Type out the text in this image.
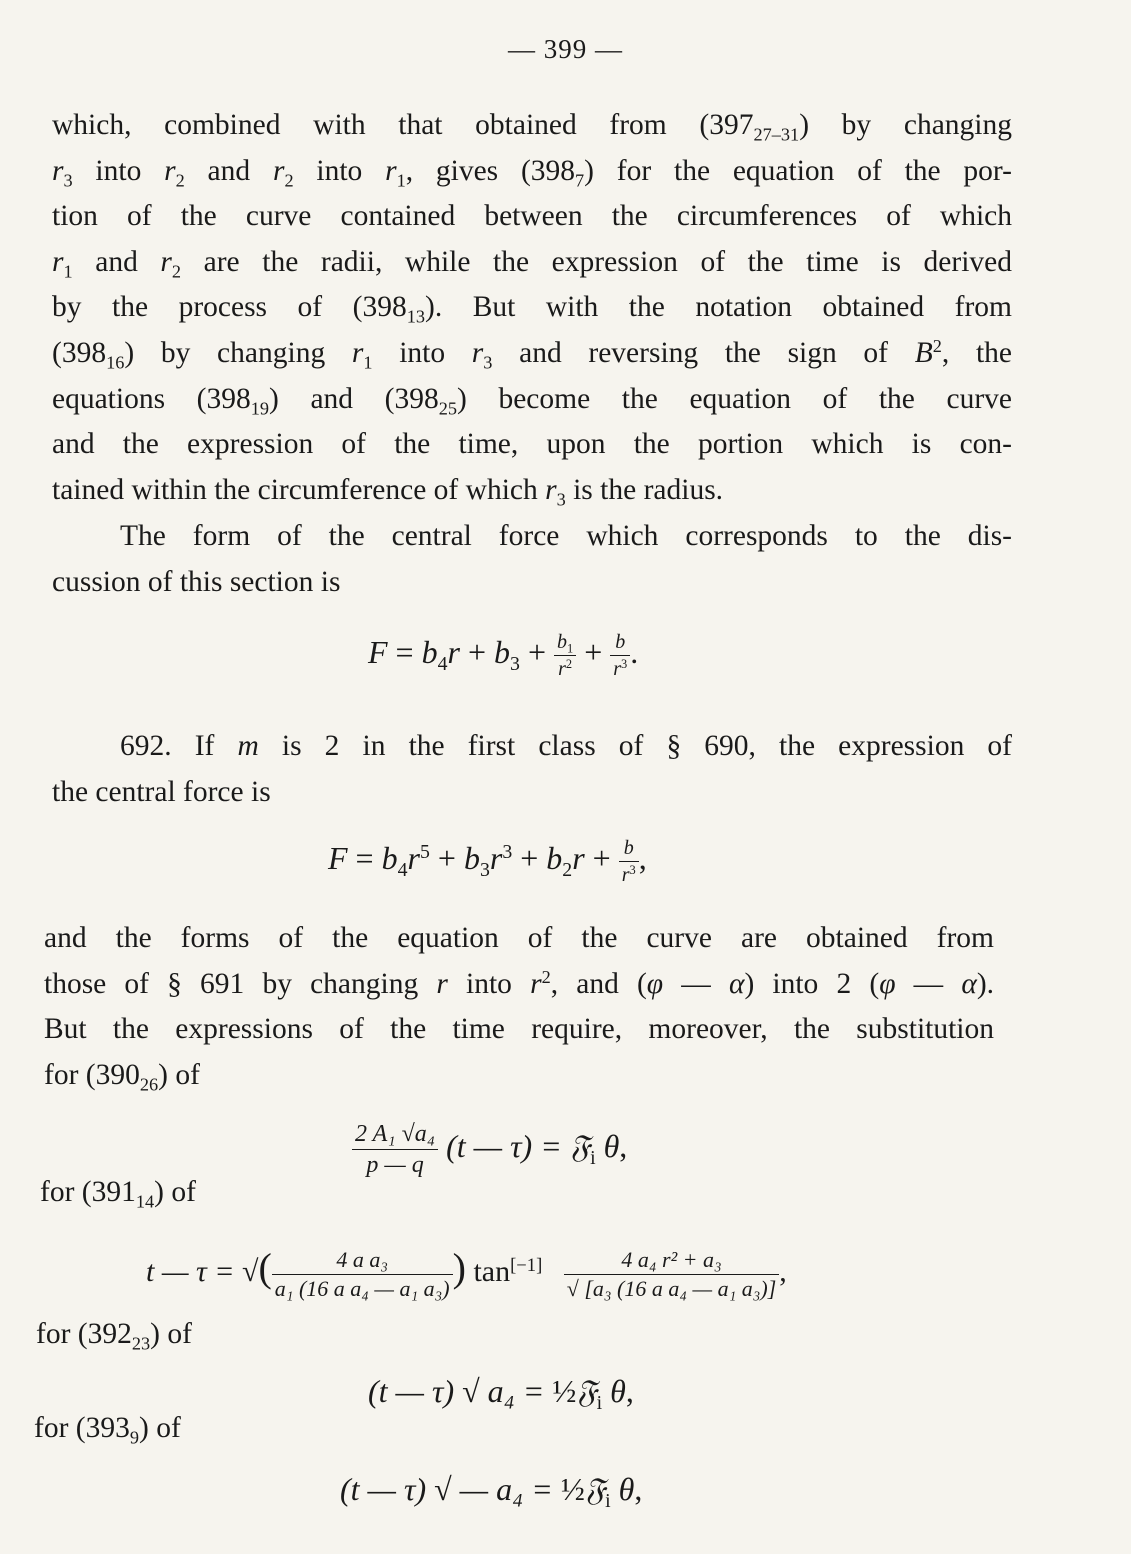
— 399 —
which, combined with that obtained from $(397_{27-31})$ by changing
$r_3$ into $r_2$ and $r_2$ into $r_1$, gives $(398_7)$ for the equation of the por-
tion of the curve contained between the circumferences of which
$r_1$ and $r_2$ are the radii, while the expression of the time is derived
by the process of $(398_{13})$. But with the notation obtained from
$(398_{16})$ by changing $r_1$ into $r_3$ and reversing the sign of $B^2$, the
equations $(398_{19})$ and $(398_{25})$ become the equation of the curve
and the expression of the time, upon the portion which is con-
tained within the circumference of which $r_3$ is the radius.
The form of the central force which corresponds to the dis-
cussion of this section is
$F = b_4r + b_3 + \frac{b_1}{r^2} + \frac{b}{r^3}$ .
692. If m is 2 in the first class of § 690, the expression of
the central force is
$F = b_4r^5 + b_3r^3 + b_2r + \frac{b}{r^3}$ ,
and the forms of the equation of the curve are obtained from
those of § 691 by changing r into $r^2$, and (φ — α) into 2 (φ — α).
But the expressions of the time require, moreover, the substitution
for $(390_{26})$ of
$\frac{\text{2 A₁ √a₄}}{p — q} (t$ — τ) = 𝔉$_i$ θ,
for $(391_{14})$ of
t — τ = √( $\frac{\text{4 a a₃}}{\text{a₁ (16 a a₄ — a₁ a₃)}}$ ) $\tan[-1] \frac{\text{4 a₄ r² + a₃}}{\text{√ [a₃ (16 a a₄ — a₁ a₃)]}}$ ,
for $(392_{23})$ of
(t — τ) √ a₄ = ½𝔉$_i$ θ,
for $(393_9)$ of
(t — τ) √ — a₄ = ½𝔉$_i$ θ,
